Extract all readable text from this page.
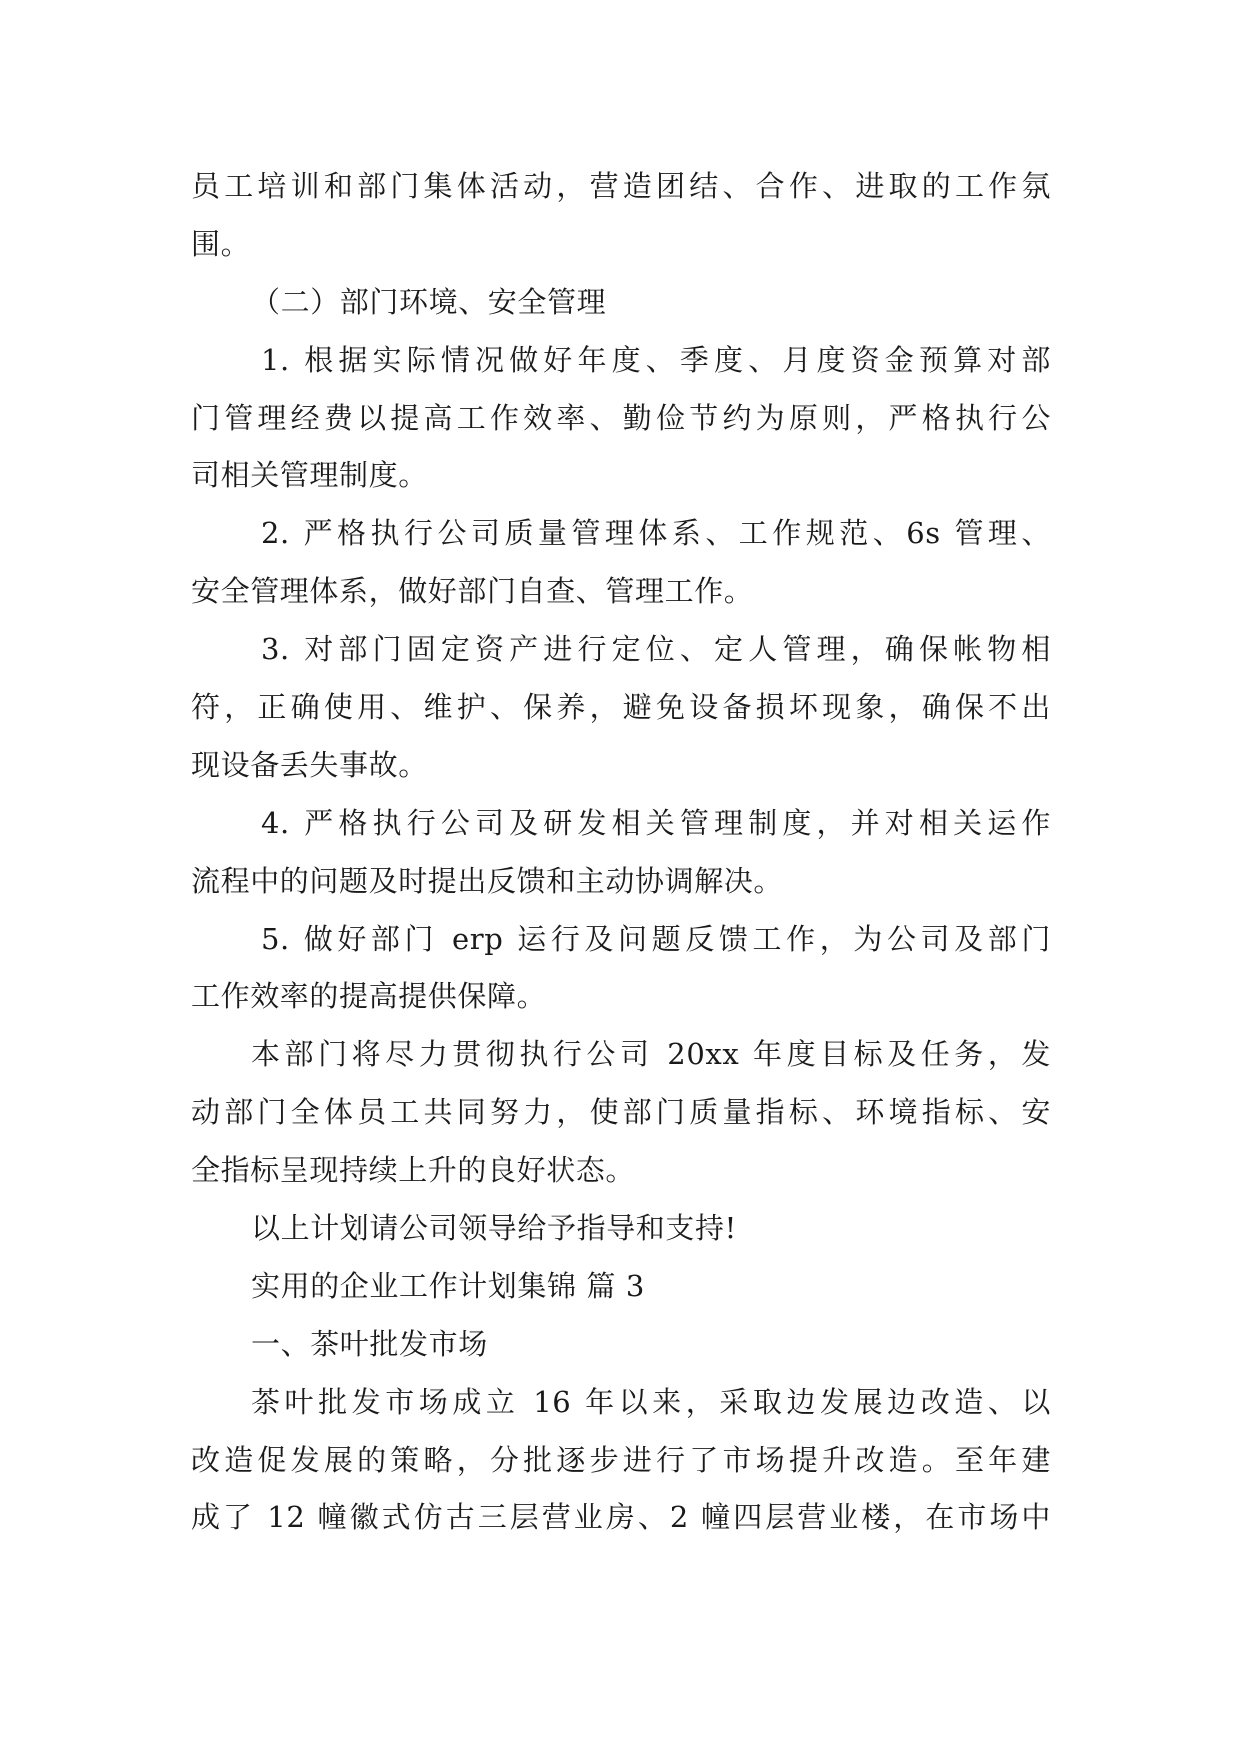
员工培训和部门集体活动，营造团结、合作、进取的工作氛
围。
（二）部门环境、安全管理
1. 根据实际情况做好年度、季度、月度资金预算对部
门管理经费以提高工作效率、勤俭节约为原则，严格执行公
司相关管理制度。
2. 严格执行公司质量管理体系、工作规范、6s 管理、
安全管理体系，做好部门自查、管理工作。
3. 对部门固定资产进行定位、定人管理，确保帐物相
符，正确使用、维护、保养，避免设备损坏现象，确保不出
现设备丢失事故。
4. 严格执行公司及研发相关管理制度，并对相关运作
流程中的问题及时提出反馈和主动协调解决。
5. 做好部门 erp 运行及问题反馈工作，为公司及部门
工作效率的提高提供保障。
本部门将尽力贯彻执行公司 20xx 年度目标及任务，发
动部门全体员工共同努力，使部门质量指标、环境指标、安
全指标呈现持续上升的良好状态。
以上计划请公司领导给予指导和支持!
实用的企业工作计划集锦 篇 3
一、茶叶批发市场
茶叶批发市场成立 16 年以来，采取边发展边改造、以
改造促发展的策略，分批逐步进行了市场提升改造。至年建
成了 12 幢徽式仿古三层营业房、2 幢四层营业楼，在市场中
